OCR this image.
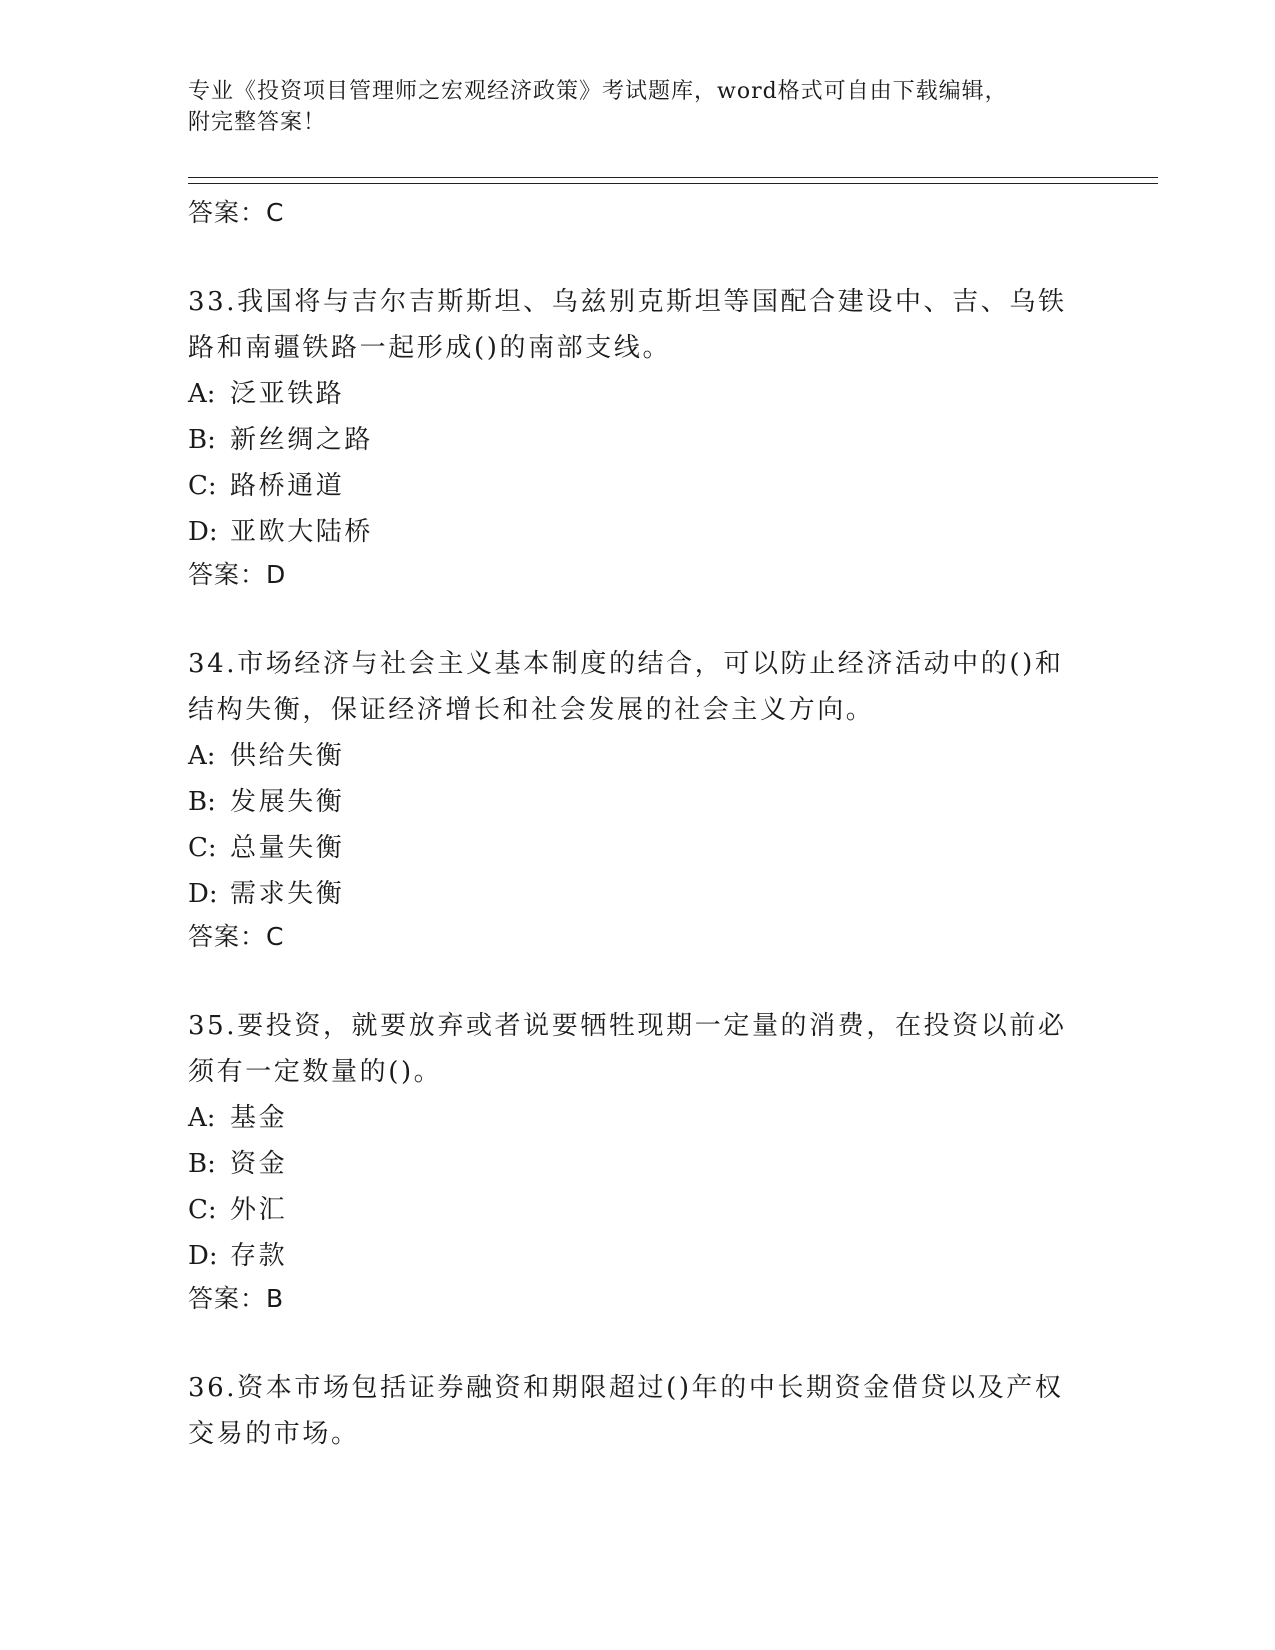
专业《投资项目管理师之宏观经济政策》考试题库，word格式可自由下载编辑，
附完整答案！
答案：C
33.我国将与吉尔吉斯斯坦、乌兹别克斯坦等国配合建设中、吉、乌铁路和南疆铁路一起形成()的南部支线。
A: 泛亚铁路
B: 新丝绸之路
C: 路桥通道
D: 亚欧大陆桥
答案：D
34.市场经济与社会主义基本制度的结合，可以防止经济活动中的()和结构失衡，保证经济增长和社会发展的社会主义方向。
A: 供给失衡
B: 发展失衡
C: 总量失衡
D: 需求失衡
答案：C
35.要投资，就要放弃或者说要牺牲现期一定量的消费，在投资以前必须有一定数量的()。
A: 基金
B: 资金
C: 外汇
D: 存款
答案：B
36.资本市场包括证券融资和期限超过()年的中长期资金借贷以及产权交易的市场。
